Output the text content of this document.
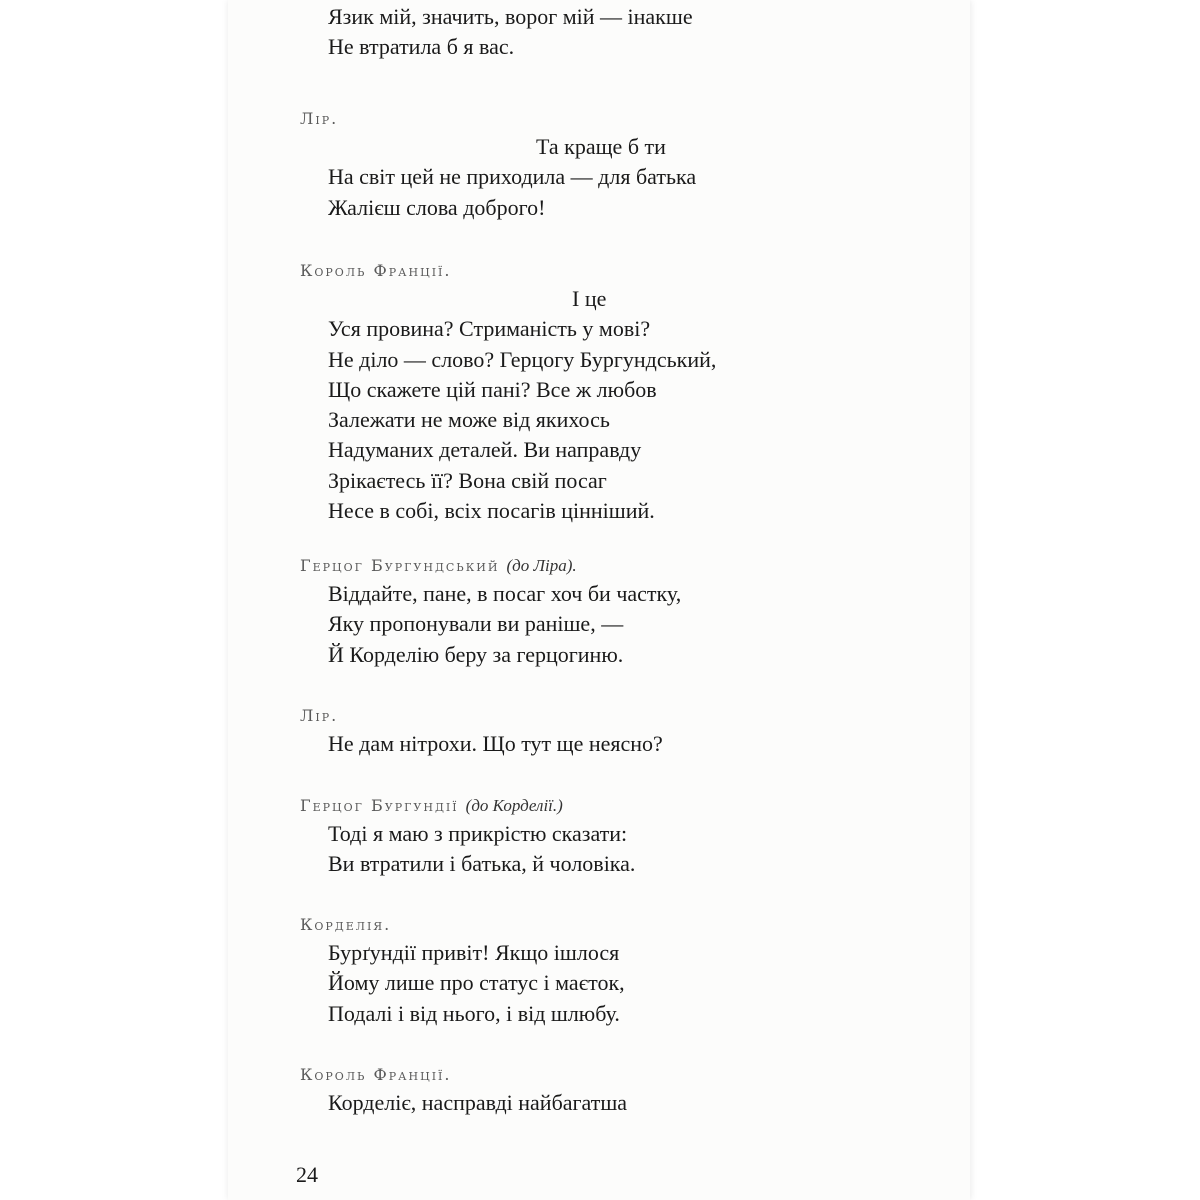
Язик мій, значить, ворог мій — інакше
Не втратила б я вас.
Лір.
Та краще б ти
На світ цей не приходила — для батька
Жалієш слова доброго!
Король Франції.
І це
Уся провина? Стриманість у мові?
Не діло — слово? Герцогу Бургундський,
Що скажете цій пані? Все ж любов
Залежати не може від якихось
Надуманих деталей. Ви направду
Зрікаєтесь її? Вона свій посаг
Несе в собі, всіх посагів цінніший.
Герцог Бургундський (до Ліра).
Віддайте, пане, в посаг хоч би частку,
Яку пропонували ви раніше, —
Й Корделію беру за герцогиню.
Лір.
Не дам нітрохи. Що тут ще неясно?
Герцог Бургундії (до Корделії.)
Тоді я маю з прикрістю сказати:
Ви втратили і батька, й чоловіка.
Корделія.
Бурґундії привіт! Якщо ішлося
Йому лише про статус і маєток,
Подалі і від нього, і від шлюбу.
Король Франції.
Корделіє, насправді найбагатша
24
